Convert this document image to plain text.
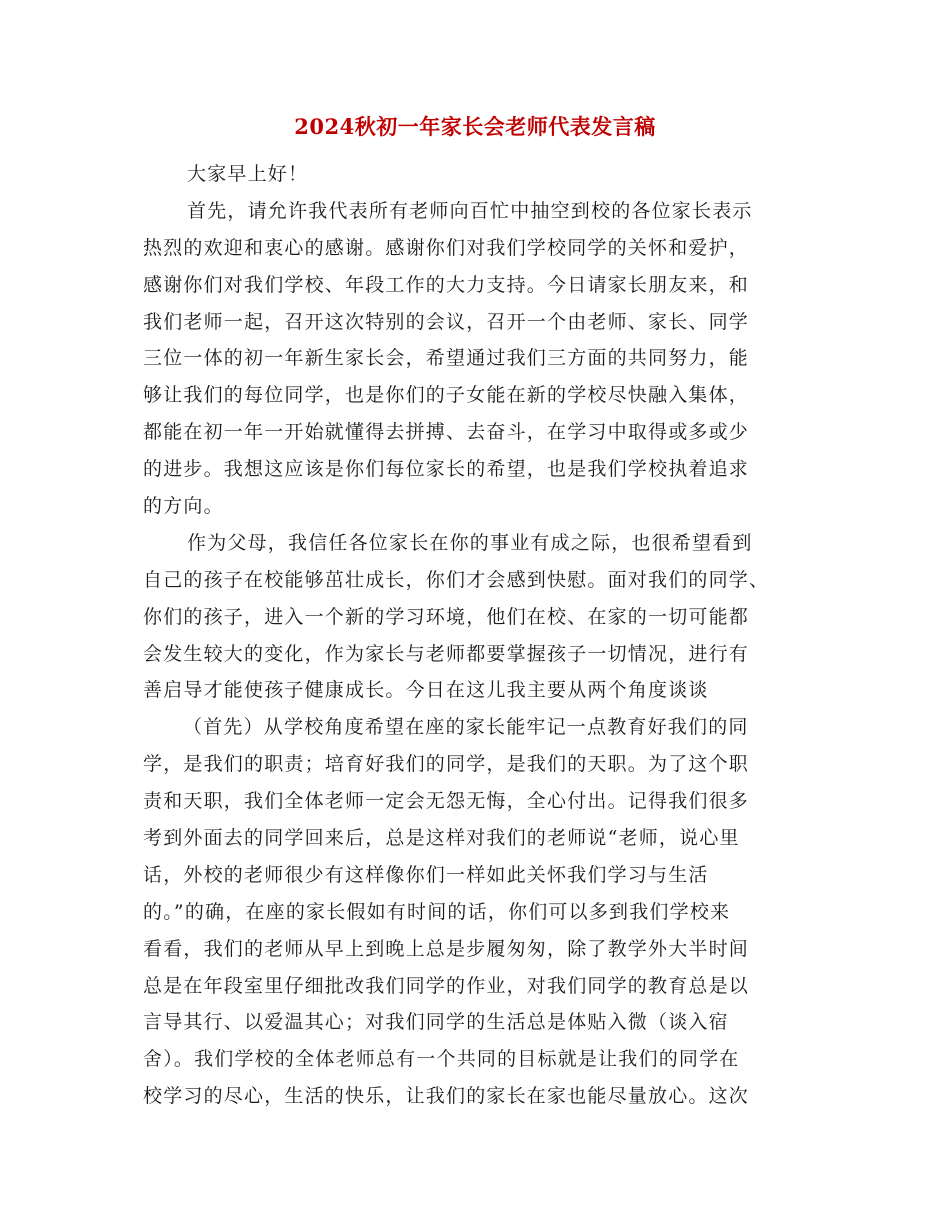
2024秋初一年家长会老师代表发言稿
大家早上好！
首先，请允许我代表所有老师向百忙中抽空到校的各位家长表示
热烈的欢迎和衷心的感谢。感谢你们对我们学校同学的关怀和爱护，
感谢你们对我们学校、年段工作的大力支持。今日请家长朋友来，和
我们老师一起，召开这次特别的会议，召开一个由老师、家长、同学
三位一体的初一年新生家长会，希望通过我们三方面的共同努力，能
够让我们的每位同学，也是你们的子女能在新的学校尽快融入集体，
都能在初一年一开始就懂得去拼搏、去奋斗，在学习中取得或多或少
的进步。我想这应该是你们每位家长的希望，也是我们学校执着追求
的方向。
作为父母，我信任各位家长在你的事业有成之际，也很希望看到
自己的孩子在校能够茁壮成长，你们才会感到快慰。面对我们的同学、
你们的孩子，进入一个新的学习环境，他们在校、在家的一切可能都
会发生较大的变化，作为家长与老师都要掌握孩子一切情况，进行有
善启导才能使孩子健康成长。今日在这儿我主要从两个角度谈谈
（首先）从学校角度希望在座的家长能牢记一点教育好我们的同
学，是我们的职责；培育好我们的同学，是我们的天职。为了这个职
责和天职，我们全体老师一定会无怨无悔，全心付出。记得我们很多
考到外面去的同学回来后，总是这样对我们的老师说“老师，说心里
话，外校的老师很少有这样像你们一样如此关怀我们学习与生活
的。”的确，在座的家长假如有时间的话，你们可以多到我们学校来
看看，我们的老师从早上到晚上总是步履匆匆，除了教学外大半时间
总是在年段室里仔细批改我们同学的作业，对我们同学的教育总是以
言导其行、以爱温其心；对我们同学的生活总是体贴入微（谈入宿
舍）。我们学校的全体老师总有一个共同的目标就是让我们的同学在
校学习的尽心，生活的快乐，让我们的家长在家也能尽量放心。这次
